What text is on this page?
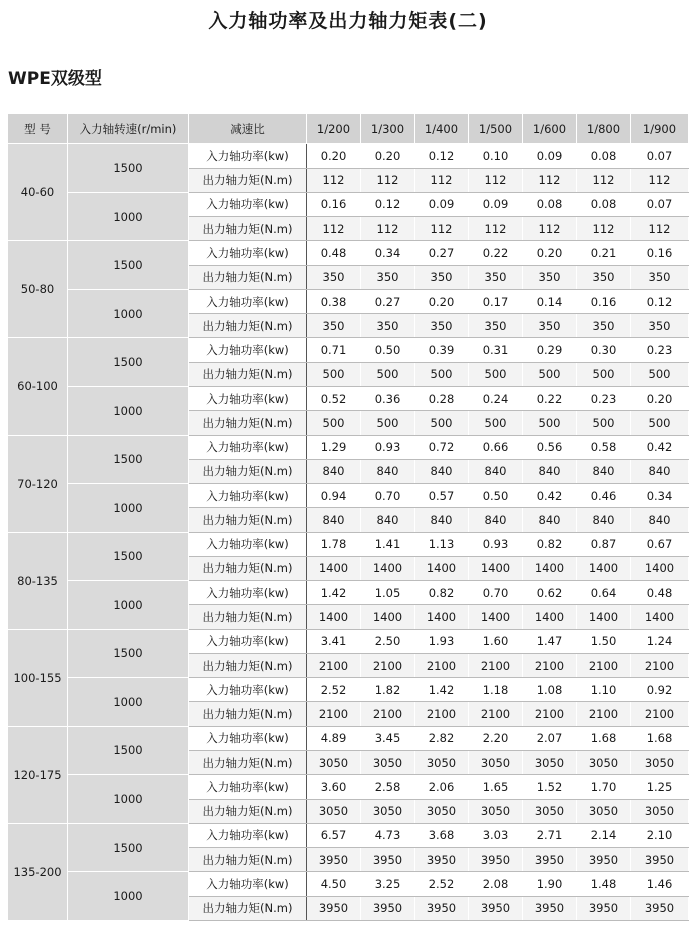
入力轴功率及出力轴力矩表(二)
WPE双级型
型 号	入力轴转速(r/min)	减速比	1/200	1/300	1/400	1/500	1/600	1/800	1/900
40-60	1500	入力轴功率(kw)	0.20	0.20	0.12	0.10	0.09	0.08	0.07
		出力轴力矩(N.m)	112	112	112	112	112	112	112
	1000	入力轴功率(kw)	0.16	0.12	0.09	0.09	0.08	0.08	0.07
		出力轴力矩(N.m)	112	112	112	112	112	112	112
50-80	1500	入力轴功率(kw)	0.48	0.34	0.27	0.22	0.20	0.21	0.16
		出力轴力矩(N.m)	350	350	350	350	350	350	350
	1000	入力轴功率(kw)	0.38	0.27	0.20	0.17	0.14	0.16	0.12
		出力轴力矩(N.m)	350	350	350	350	350	350	350
60-100	1500	入力轴功率(kw)	0.71	0.50	0.39	0.31	0.29	0.30	0.23
		出力轴力矩(N.m)	500	500	500	500	500	500	500
	1000	入力轴功率(kw)	0.52	0.36	0.28	0.24	0.22	0.23	0.20
		出力轴力矩(N.m)	500	500	500	500	500	500	500
70-120	1500	入力轴功率(kw)	1.29	0.93	0.72	0.66	0.56	0.58	0.42
		出力轴力矩(N.m)	840	840	840	840	840	840	840
	1000	入力轴功率(kw)	0.94	0.70	0.57	0.50	0.42	0.46	0.34
		出力轴力矩(N.m)	840	840	840	840	840	840	840
80-135	1500	入力轴功率(kw)	1.78	1.41	1.13	0.93	0.82	0.87	0.67
		出力轴力矩(N.m)	1400	1400	1400	1400	1400	1400	1400
	1000	入力轴功率(kw)	1.42	1.05	0.82	0.70	0.62	0.64	0.48
		出力轴力矩(N.m)	1400	1400	1400	1400	1400	1400	1400
100-155	1500	入力轴功率(kw)	3.41	2.50	1.93	1.60	1.47	1.50	1.24
		出力轴力矩(N.m)	2100	2100	2100	2100	2100	2100	2100
	1000	入力轴功率(kw)	2.52	1.82	1.42	1.18	1.08	1.10	0.92
		出力轴力矩(N.m)	2100	2100	2100	2100	2100	2100	2100
120-175	1500	入力轴功率(kw)	4.89	3.45	2.82	2.20	2.07	1.68	1.68
		出力轴力矩(N.m)	3050	3050	3050	3050	3050	3050	3050
	1000	入力轴功率(kw)	3.60	2.58	2.06	1.65	1.52	1.70	1.25
		出力轴力矩(N.m)	3050	3050	3050	3050	3050	3050	3050
135-200	1500	入力轴功率(kw)	6.57	4.73	3.68	3.03	2.71	2.14	2.10
		出力轴力矩(N.m)	3950	3950	3950	3950	3950	3950	3950
	1000	入力轴功率(kw)	4.50	3.25	2.52	2.08	1.90	1.48	1.46
		出力轴力矩(N.m)	3950	3950	3950	3950	3950	3950	3950
